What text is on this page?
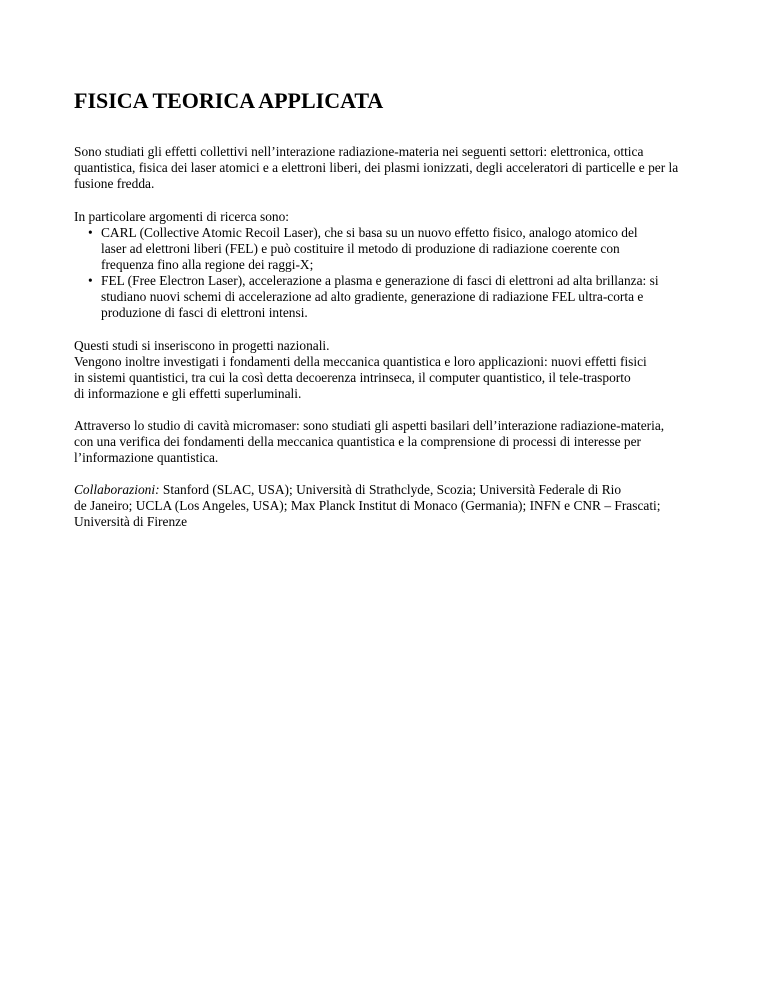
FISICA TEORICA APPLICATA

Sono studiati gli effetti collettivi nell’interazione radiazione-materia nei seguenti settori: elettronica, ottica
quantistica, fisica dei laser atomici e a elettroni liberi, dei plasmi ionizzati, degli acceleratori di particelle e per la
fusione fredda.

In particolare argomenti di ricerca sono:

• CARL (Collective Atomic Recoil Laser), che si basa su un nuovo effetto fisico, analogo atomico del
laser ad elettroni liberi (FEL) e può costituire il metodo di produzione di radiazione coerente con
frequenza fino alla regione dei raggi-X;
• FEL (Free Electron Laser), accelerazione a plasma e generazione di fasci di elettroni ad alta brillanza: si
studiano nuovi schemi di accelerazione ad alto gradiente, generazione di radiazione FEL ultra-corta e
produzione di fasci di elettroni intensi.

Questi studi si inseriscono in progetti nazionali.
Vengono inoltre investigati i fondamenti della meccanica quantistica e loro applicazioni: nuovi effetti fisici
in sistemi quantistici, tra cui la così detta decoerenza intrinseca, il computer quantistico, il tele-trasporto
di informazione e gli effetti superluminali.

Attraverso lo studio di cavità micromaser: sono studiati gli aspetti basilari dell’interazione radiazione-materia,
con una verifica dei fondamenti della meccanica quantistica e la comprensione di processi di interesse per
l’informazione quantistica.

Collaborazioni: Stanford (SLAC, USA); Università di Strathclyde, Scozia; Università Federale di Rio
de Janeiro; UCLA (Los Angeles, USA); Max Planck Institut di Monaco (Germania); INFN e CNR – Frascati;
Università di Firenze
